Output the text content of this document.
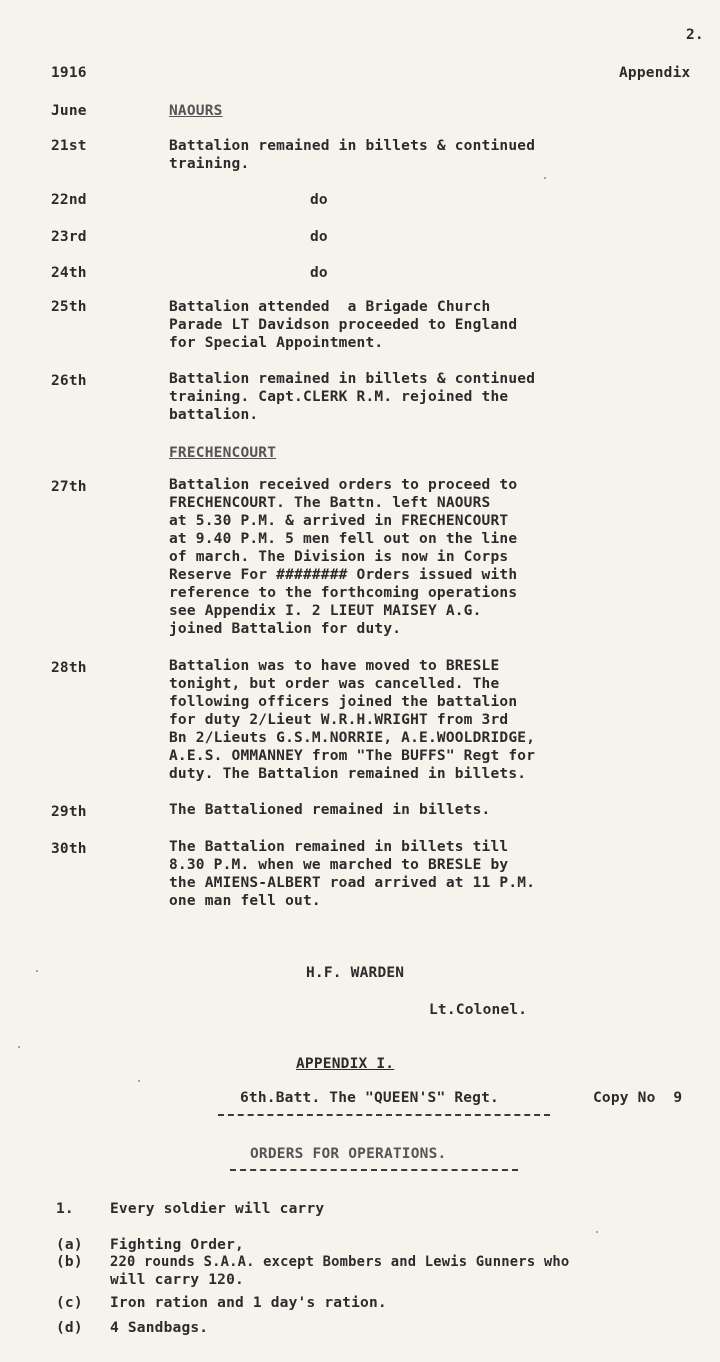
2.
1916	Appendix
June	NAOURS
21st	Battalion remained in billets & continued
training.
22nd	do
23rd	do
24th	do
25th	Battalion attended  a Brigade Church
Parade LT Davidson proceeded to England
for Special Appointment.
26th	Battalion remained in billets & continued
training. Capt.CLERK R.M. rejoined the
battalion.
FRECHENCOURT
27th	Battalion received orders to proceed to
FRECHENCOURT. The Battn. left NAOURS
at 5.30 P.M. & arrived in FRECHENCOURT
at 9.40 P.M. 5 men fell out on the line
of march. The Division is now in Corps
Reserve For ######## Orders issued with
reference to the forthcoming operations
see Appendix I. 2 LIEUT MAISEY A.G.
joined Battalion for duty.
28th	Battalion was to have moved to BRESLE
tonight, but order was cancelled. The
following officers joined the battalion
for duty 2/Lieut W.R.H.WRIGHT from 3rd
Bn 2/Lieuts G.S.M.NORRIE, A.E.WOOLDRIDGE,
A.E.S. OMMANNEY from "The BUFFS" Regt for
duty. The Battalion remained in billets.
29th	The Battalioned remained in billets.
30th	The Battalion remained in billets till
8.30 P.M. when we marched to BRESLE by
the AMIENS-ALBERT road arrived at 11 P.M.
one man fell out.
H.F. WARDEN
Lt.Colonel.
APPENDIX I.
6th.Batt. The "QUEEN'S" Regt.	Copy No  9
ORDERS FOR OPERATIONS.
1. Every soldier will carry
(a) Fighting Order,
(b) 220 rounds S.A.A. except Bombers and Lewis Gunners who
will carry 120.
(c) Iron ration and 1 day's ration.
(d) 4 Sandbags.
